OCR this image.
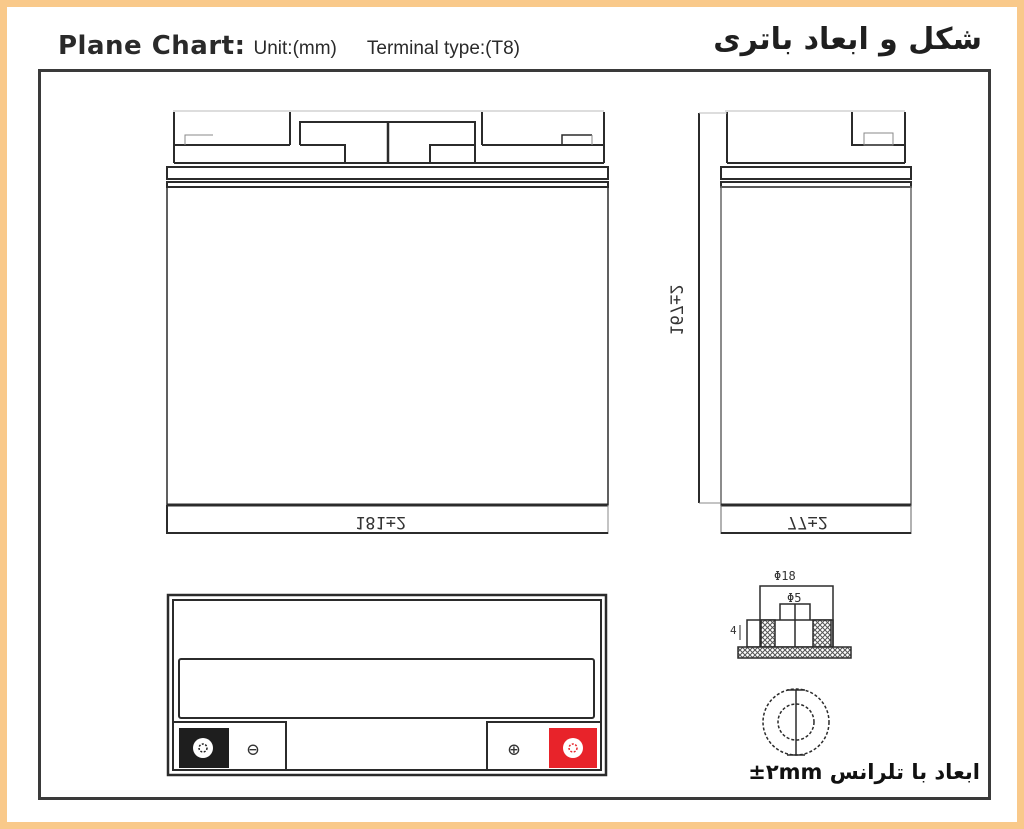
Plane Chart: Unit:(mm) Terminal type:(T8)	شکل و ابعاد باتری
⊖	⊕
181±2	77±2
167±2
Φ18
Φ5
4
ابعاد با تلرانس ±۲mm
